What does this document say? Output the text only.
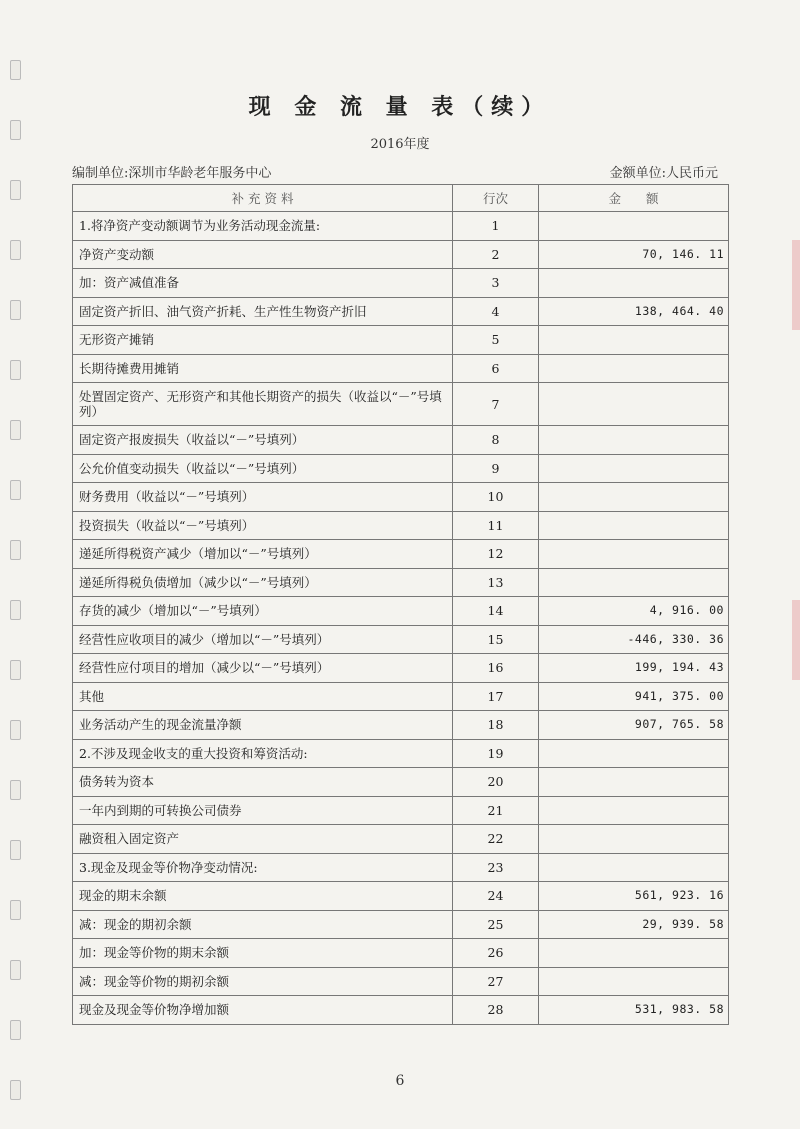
现 金 流 量 表（续）
2016年度
编制单位:深圳市华龄老年服务中心	金额单位:人民币元
补 充 资 料	行次	金　　额
1.将净资产变动额调节为业务活动现金流量:	1	
净资产变动额	2	70, 146. 11
加：资产减值准备	3	
固定资产折旧、油气资产折耗、生产性生物资产折旧	4	138, 464. 40
无形资产摊销	5	
长期待摊费用摊销	6	
处置固定资产、无形资产和其他长期资产的损失（收益以“－”号填列）	7	
固定资产报废损失（收益以“－”号填列）	8	
公允价值变动损失（收益以“－”号填列）	9	
财务费用（收益以“－”号填列）	10	
投资损失（收益以“－”号填列）	11	
递延所得税资产减少（增加以“－”号填列）	12	
递延所得税负债增加（减少以“－”号填列）	13	
存货的减少（增加以“－”号填列）	14	4, 916. 00
经营性应收项目的减少（增加以“－”号填列）	15	-446, 330. 36
经营性应付项目的增加（减少以“－”号填列）	16	199, 194. 43
其他	17	941, 375. 00
业务活动产生的现金流量净额	18	907, 765. 58
2.不涉及现金收支的重大投资和筹资活动:	19	
债务转为资本	20	
一年内到期的可转换公司债券	21	
融资租入固定资产	22	
3.现金及现金等价物净变动情况:	23	
现金的期末余额	24	561, 923. 16
减：现金的期初余额	25	29, 939. 58
加：现金等价物的期末余额	26	
减：现金等价物的期初余额	27	
现金及现金等价物净增加额	28	531, 983. 58
6
